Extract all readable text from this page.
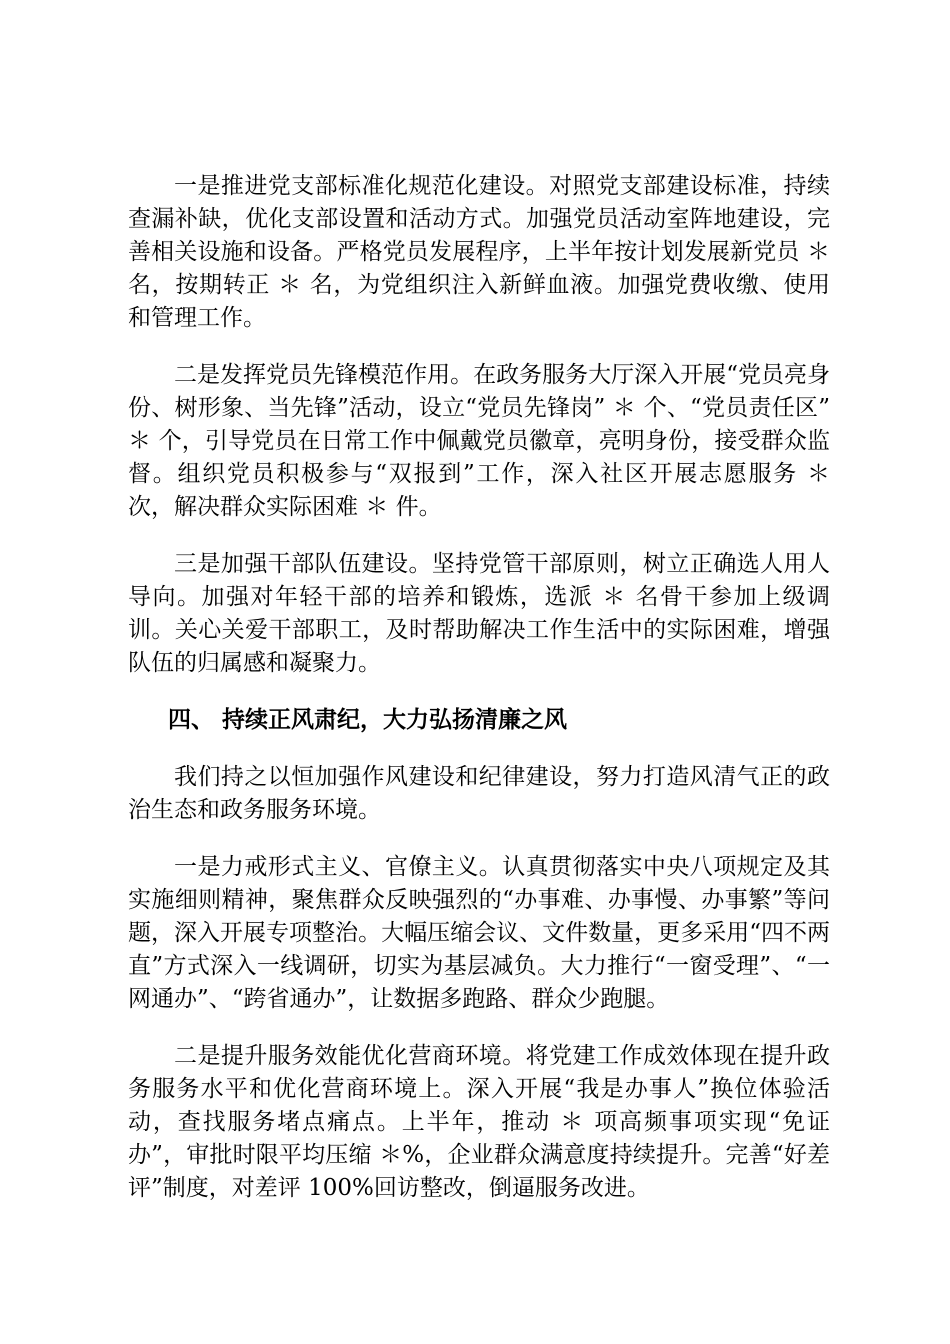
一是推进党支部标准化规范化建设。对照党支部建设标准，持续查漏补缺，优化支部设置和活动方式。加强党员活动室阵地建设，完善相关设施和设备。严格党员发展程序，上半年按计划发展新党员 ＊ 名，按期转正 ＊ 名，为党组织注入新鲜血液。加强党费收缴、使用和管理工作。

二是发挥党员先锋模范作用。在政务服务大厅深入开展“党员亮身份、树形象、当先锋”活动，设立“党员先锋岗” ＊ 个、“党员责任区” ＊ 个，引导党员在日常工作中佩戴党员徽章，亮明身份，接受群众监督。组织党员积极参与“双报到”工作，深入社区开展志愿服务 ＊ 次，解决群众实际困难 ＊ 件。

三是加强干部队伍建设。坚持党管干部原则，树立正确选人用人导向。加强对年轻干部的培养和锻炼，选派 ＊ 名骨干参加上级调训。关心关爱干部职工，及时帮助解决工作生活中的实际困难，增强队伍的归属感和凝聚力。

四、 持续正风肃纪，大力弘扬清廉之风

我们持之以恒加强作风建设和纪律建设，努力打造风清气正的政治生态和政务服务环境。

一是力戒形式主义、官僚主义。认真贯彻落实中央八项规定及其实施细则精神，聚焦群众反映强烈的“办事难、办事慢、办事繁”等问题，深入开展专项整治。大幅压缩会议、文件数量，更多采用“四不两直”方式深入一线调研，切实为基层减负。大力推行“一窗受理”、“一网通办”、“跨省通办”，让数据多跑路、群众少跑腿。

二是提升服务效能优化营商环境。将党建工作成效体现在提升政务服务水平和优化营商环境上。深入开展“我是办事人”换位体验活动，查找服务堵点痛点。上半年，推动 ＊ 项高频事项实现“免证办”，审批时限平均压缩 ＊%，企业群众满意度持续提升。完善“好差评”制度，对差评 100%回访整改，倒逼服务改进。
